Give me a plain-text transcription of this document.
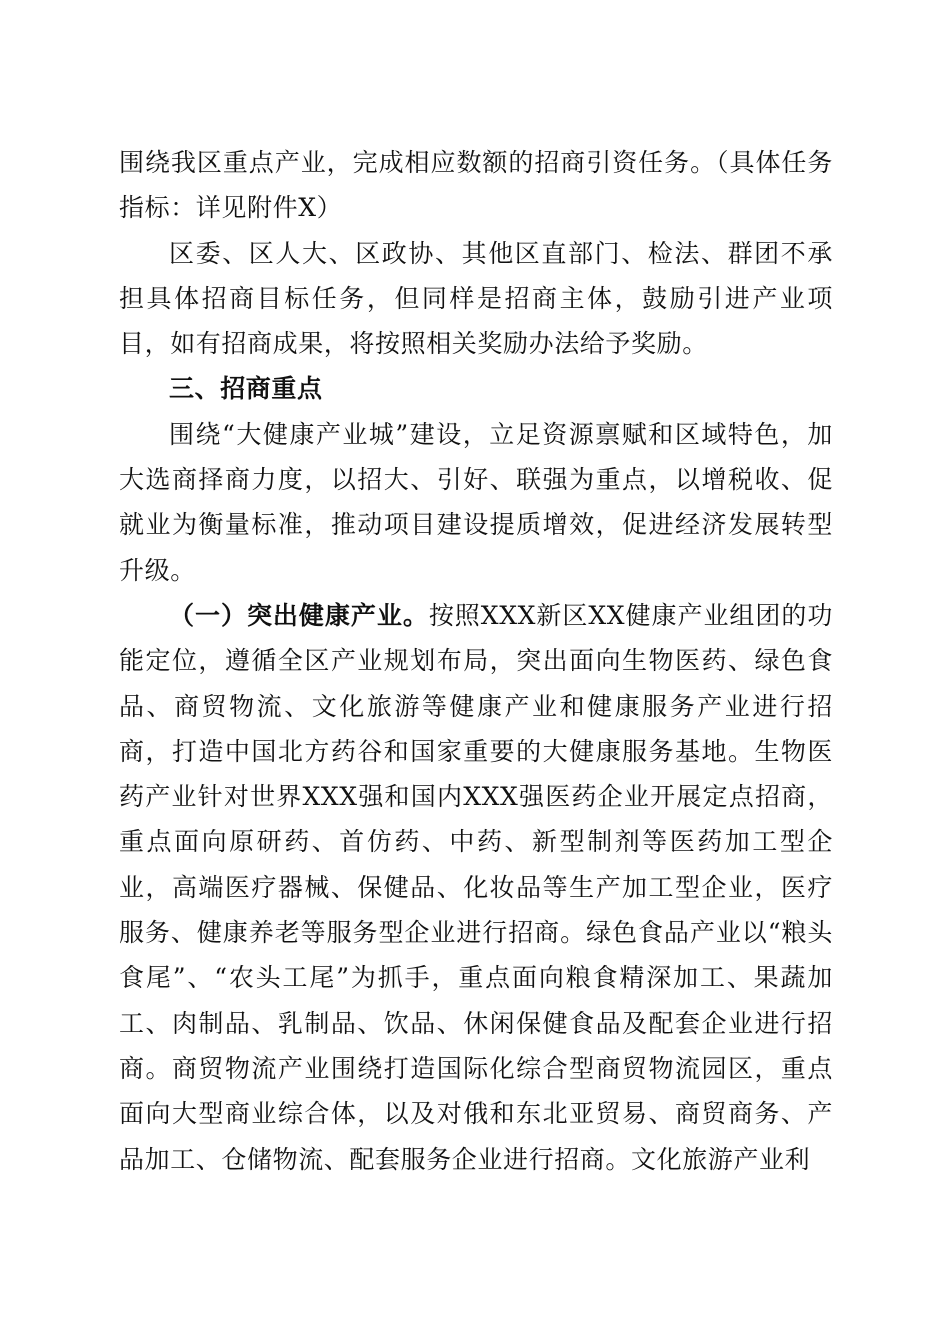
围绕我区重点产业，完成相应数额的招商引资任务。（具体任务指标：详见附件X）

区委、区人大、区政协、其他区直部门、检法、群团不承担具体招商目标任务，但同样是招商主体，鼓励引进产业项目，如有招商成果，将按照相关奖励办法给予奖励。

三、招商重点

围绕“大健康产业城”建设，立足资源禀赋和区域特色，加大选商择商力度，以招大、引好、联强为重点，以增税收、促就业为衡量标准，推动项目建设提质增效，促进经济发展转型升级。

（一）突出健康产业。按照XXX新区XX健康产业组团的功能定位，遵循全区产业规划布局，突出面向生物医药、绿色食品、商贸物流、文化旅游等健康产业和健康服务产业进行招商，打造中国北方药谷和国家重要的大健康服务基地。生物医药产业针对世界XXX强和国内XXX强医药企业开展定点招商，重点面向原研药、首仿药、中药、新型制剂等医药加工型企业，高端医疗器械、保健品、化妆品等生产加工型企业，医疗服务、健康养老等服务型企业进行招商。绿色食品产业以“粮头食尾”、“农头工尾”为抓手，重点面向粮食精深加工、果蔬加工、肉制品、乳制品、饮品、休闲保健食品及配套企业进行招商。商贸物流产业围绕打造国际化综合型商贸物流园区，重点面向大型商业综合体，以及对俄和东北亚贸易、商贸商务、产品加工、仓储物流、配套服务企业进行招商。文化旅游产业利
